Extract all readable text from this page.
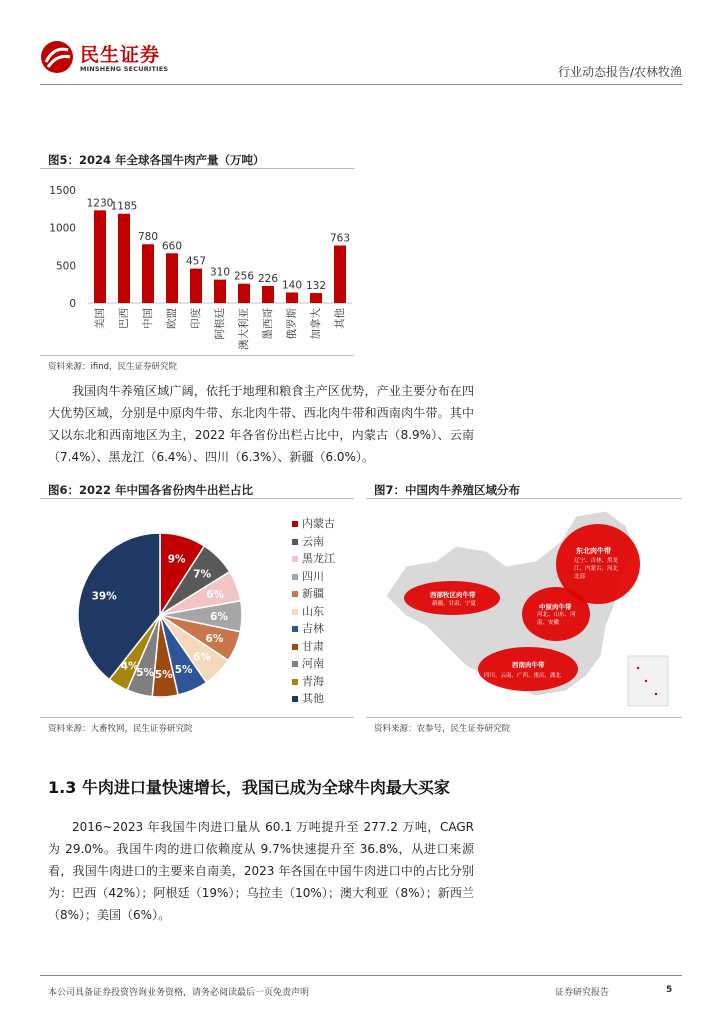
民生证券
MINSHENG SECURITIES	行业动态报告/农林牧渔
图5：2024 年全球各国牛肉产量（万吨）
0
500
1000
1500
1230
美国
1185
巴西
780
中国
660
欧盟
457
印度
310
阿根廷
256
澳大利亚
226
墨西哥
140
俄罗斯
132
加拿大
763
其他
资料来源：ifind，民生证券研究院
我国肉牛养殖区域广阔，依托于地理和粮食主产区优势，产业主要分布在四大优势区域，分别是中原肉牛带、东北肉牛带、西北肉牛带和西南肉牛带。其中又以东北和西南地区为主，2022 年各省份出栏占比中，内蒙古（8.9%）、云南（7.4%）、黑龙江（6.4%）、四川（6.3%）、新疆（6.0%）。
图6：2022 年中国各省份肉牛出栏占比
9%
7%
6%
6%
6%
6%
5%
5%
5%
4%
39%
内蒙古
云南
黑龙江
四川
新疆
山东
吉林
甘肃
河南
青海
其他
资料来源：大畜牧网，民生证券研究院
图7：中国肉牛养殖区域分布
东北肉牛带
辽宁、吉林、黑龙江、内蒙古、河北北部
西部牧区肉牛带
新疆、甘肃、宁夏	中原肉牛带
河北、山东、河南、安徽
西南肉牛带
四川、云南、广西、重庆、湖北
资料来源：农参号，民生证券研究院
1.3 牛肉进口量快速增长，我国已成为全球牛肉最大买家
2016~2023 年我国牛肉进口量从 60.1 万吨提升至 277.2 万吨，CAGR 为 29.0%。我国牛肉的进口依赖度从 9.7%快速提升至 36.8%，从进口来源看，我国牛肉进口的主要来自南美，2023 年各国在中国牛肉进口中的占比分别为：巴西（42%）；阿根廷（19%）；乌拉圭（10%）；澳大利亚（8%）；新西兰（8%）；美国（6%）。
本公司具备证券投资咨询业务资格，请务必阅读最后一页免责声明	证券研究报告	5
